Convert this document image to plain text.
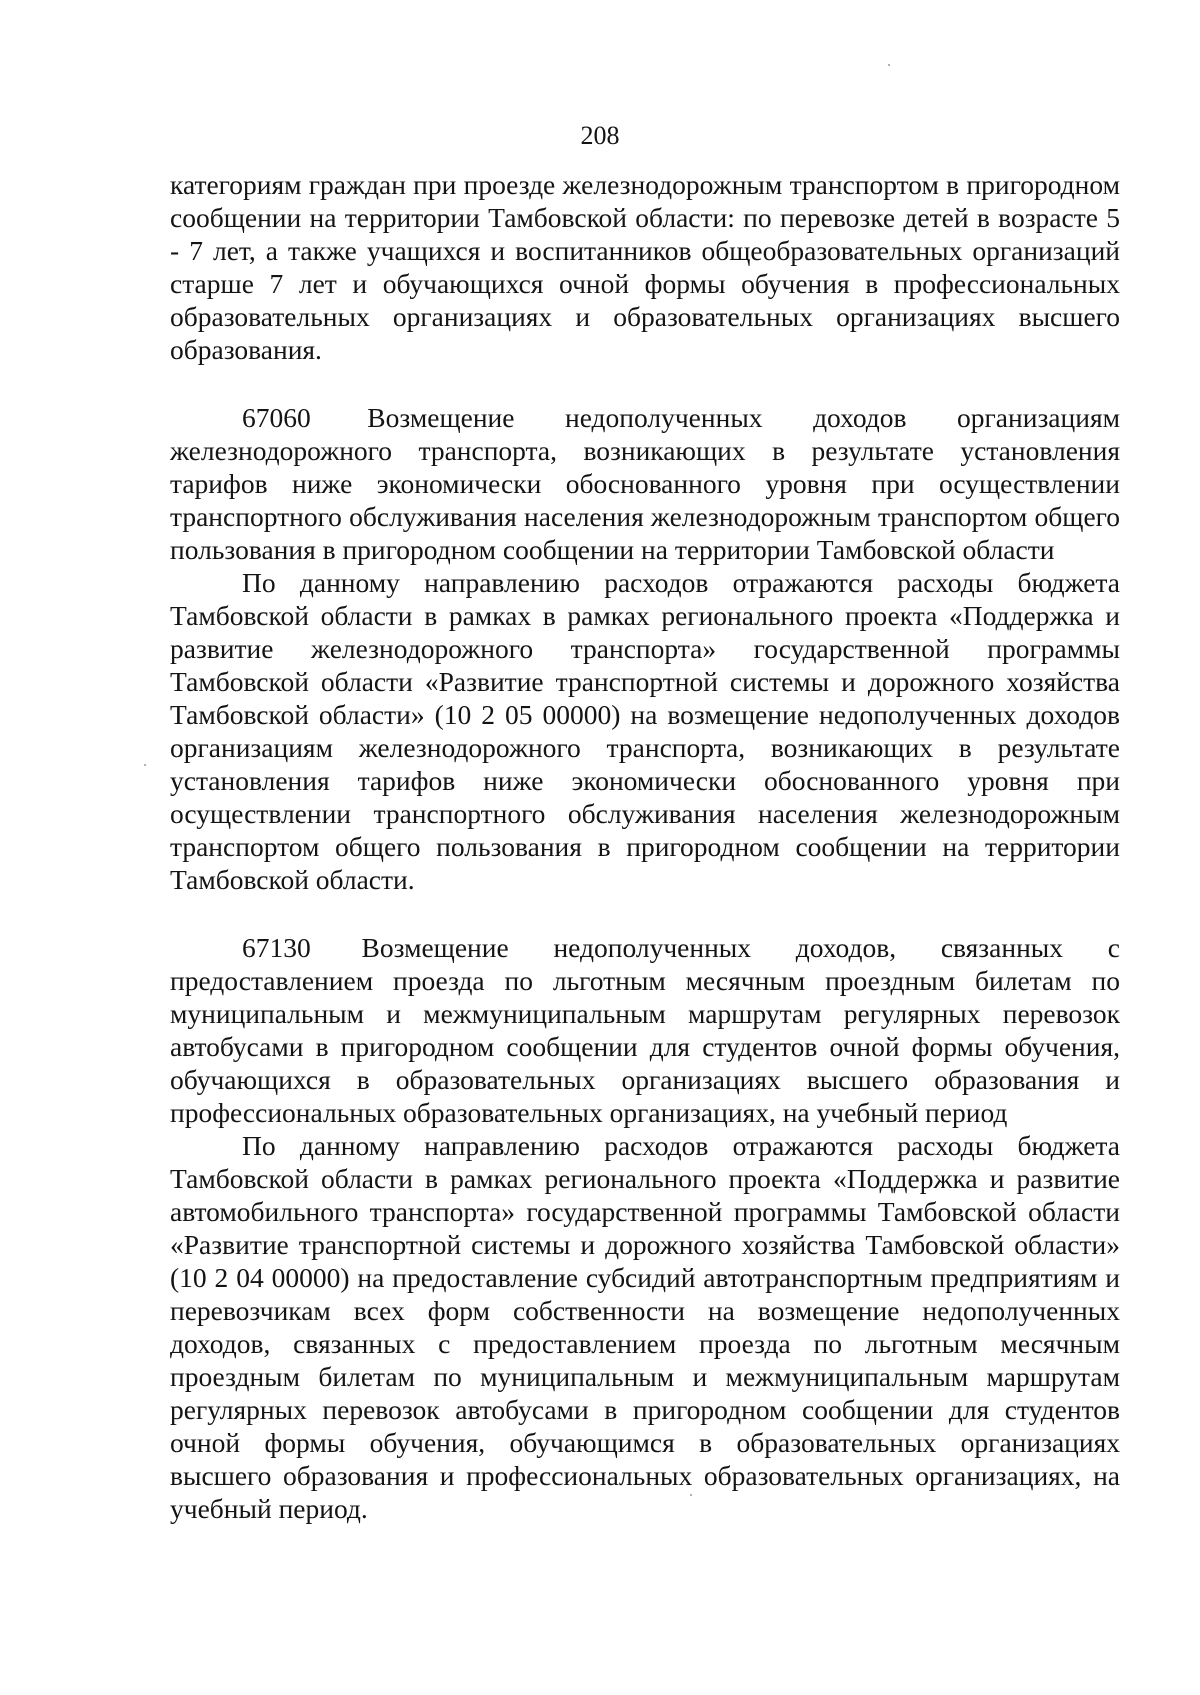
208

категориям граждан при проезде железнодорожным транспортом в пригородном сообщении на территории Тамбовской области: по перевозке детей в возрасте 5 - 7 лет, а также учащихся и воспитанников общеобразовательных организаций старше 7 лет и обучающихся очной формы обучения в профессиональных образовательных организациях и образовательных организациях высшего образования.

67060 Возмещение недополученных доходов организациям железнодорожного транспорта, возникающих в результате установления тарифов ниже экономически обоснованного уровня при осуществлении транспортного обслуживания населения железнодорожным транспортом общего пользования в пригородном сообщении на территории Тамбовской области

По данному направлению расходов отражаются расходы бюджета Тамбовской области в рамках в рамках регионального проекта «Поддержка и развитие железнодорожного транспорта» государственной программы Тамбовской области «Развитие транспортной системы и дорожного хозяйства Тамбовской области» (10 2 05 00000) на возмещение недополученных доходов организациям железнодорожного транспорта, возникающих в результате установления тарифов ниже экономически обоснованного уровня при осуществлении транспортного обслуживания населения железнодорожным транспортом общего пользования в пригородном сообщении на территории Тамбовской области.

67130 Возмещение недополученных доходов, связанных с предоставлением проезда по льготным месячным проездным билетам по муниципальным и межмуниципальным маршрутам регулярных перевозок автобусами в пригородном сообщении для студентов очной формы обучения, обучающихся в образовательных организациях высшего образования и профессиональных образовательных организациях, на учебный период

По данному направлению расходов отражаются расходы бюджета Тамбовской области в рамках регионального проекта «Поддержка и развитие автомобильного транспорта» государственной программы Тамбовской области «Развитие транспортной системы и дорожного хозяйства Тамбовской области» (10 2 04 00000) на предоставление субсидий автотранспортным предприятиям и перевозчикам всех форм собственности на возмещение недополученных доходов, связанных с предоставлением проезда по льготным месячным проездным билетам по муниципальным и межмуниципальным маршрутам регулярных перевозок автобусами в пригородном сообщении для студентов очной формы обучения, обучающимся в образовательных организациях высшего образования и профессиональных образовательных организациях, на учебный период.
